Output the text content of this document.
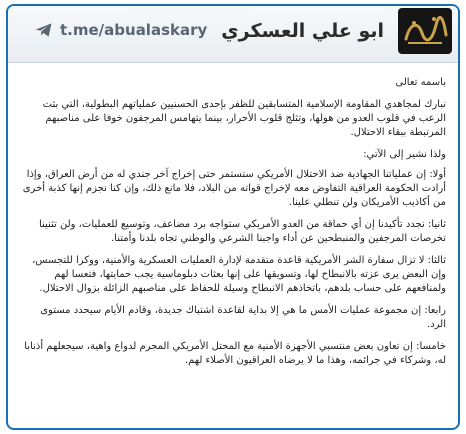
t.me/abualaskary ابو علي العسكري

باسمه تعالى

نبارك لمجاهدي المقاومة الإسلامية المتسابقين للظفر بإحدى الحسنيين عملياتهم البطولية، التي بثت الرعب في قلوب العدو من هولها، وتثلج قلوب الأحرار، بينما يتهامس المرجفون خوفا على مناصبهم المرتبطة ببقاء الاحتلال.

ولذا نشير إلى الآتي:

أولا: إن عملياتنا الجهادية ضد الاحتلال الأمريكي ستستمر حتى إخراج آخر جندي له من أرض العراق، وإذا أرادت الحكومة العراقية التفاوض معه لإخراج قواته من البلاد، فلا مانع ذلك، وإن كنا نجزم إنها كذبة أخرى من أكاذيب الأمريكان ولن تنطلي علينا.

ثانيا: نجدد تأكيدنا إن أي حماقة من العدو الأمريكي ستواجه برد مضاعف، وتوسيع للعمليات، ولن تثنينا تخرصات المرجفين والمنبطحين عن أداء واجبنا الشرعي والوطني تجاه بلدنا وأمتنا.

ثالثا: لا تزال سفارة الشر الأمريكية قاعدة متقدمة لإدارة العمليات العسكرية والأمنية، ووكرا للتجسس، وإن البعض يرى عزته بالانبطاح لها، وتسويقها على إنها بعثات دبلوماسية يجب حمايتها، فتعسا لهم ولمنافعهم على حساب بلدهم، باتخاذهم الانبطاح وسيلة للحفاظ على مناصبهم الزائلة بزوال الاحتلال.

رابعا: إن مجموعة عمليات الأمس ما هي إلا بداية لقاعدة اشتباك جديدة، وقادم الأيام سيحدد مستوى الرد.

خامسا: إن تعاون بعض منتسبي الأجهزة الأمنية مع المحتل الأمريكي المجرم لدواع واهية، سيجعلهم أذنابا له، وشركاء في جرائمه، وهذا ما لا يرضاه العراقيون الأصلاء لهم.
